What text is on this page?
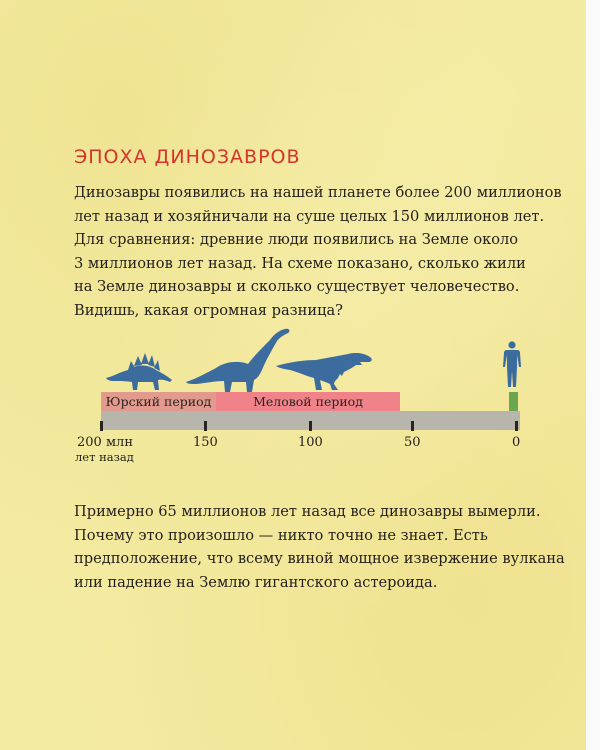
ЭПОХА ДИНОЗАВРОВ

Динозавры появились на нашей планете более 200 миллионов
лет назад и хозяйничали на суше целых 150 миллионов лет.
Для сравнения: древние люди появились на Земле около
3 миллионов лет назад. На схеме показано, сколько жили
на Земле динозавры и сколько существует человечество.
Видишь, какая огромная разница?

Юрский период	Меловой период
200 млн	150	100	50	0
лет назад

Примерно 65 миллионов лет назад все динозавры вымерли.
Почему это произошло — никто точно не знает. Есть
предположение, что всему виной мощное извержение вулкана
или падение на Землю гигантского астероида.
